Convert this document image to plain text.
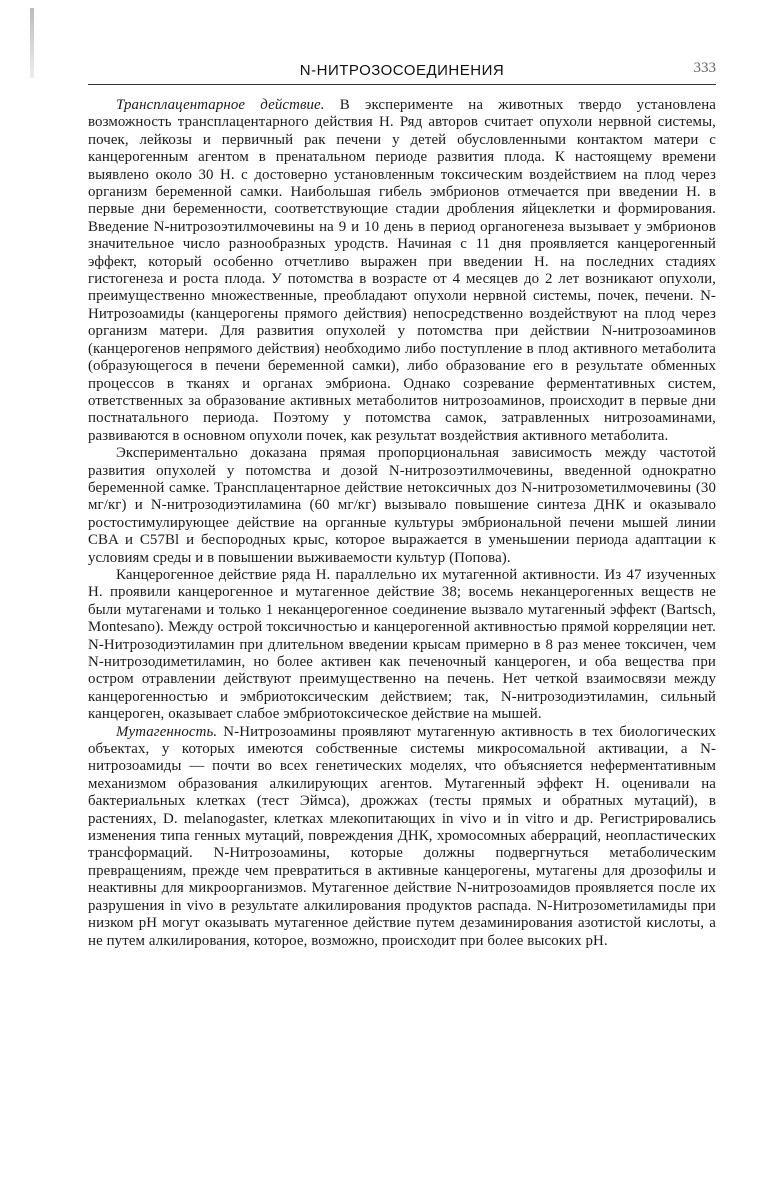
N-НИТРОЗОСОЕДИНЕНИЯ	333

Трансплацентарное действие. В эксперименте на животных твердо установлена возможность трансплацентарного действия Н. Ряд авторов считает опухоли нервной системы, почек, лейкозы и первичный рак печени у детей обусловленными контактом матери с канцерогенным агентом в пренатальном периоде развития плода. К настоящему времени выявлено около 30 Н. с достоверно установленным токсическим воздействием на плод через организм беременной самки. Наибольшая гибель эмбрионов отмечается при введении Н. в первые дни беременности, соответствующие стадии дробления яйцеклетки и формирования. Введение N-нитрозоэтилмочевины на 9 и 10 день в период органогенеза вызывает у эмбрионов значительное число разнообразных уродств. Начиная с 11 дня проявляется канцерогенный эффект, который особенно отчетливо выражен при введении Н. на последних стадиях гистогенеза и роста плода. У потомства в возрасте от 4 месяцев до 2 лет возникают опухоли, преимущественно множественные, преобладают опухоли нервной системы, почек, печени. N-Нитрозоамиды (канцерогены прямого действия) непосредственно воздействуют на плод через организм матери. Для развития опухолей у потомства при действии N-нитрозоаминов (канцерогенов непрямого действия) необходимо либо поступление в плод активного метаболита (образующегося в печени беременной самки), либо образование его в результате обменных процессов в тканях и органах эмбриона. Однако созревание ферментативных систем, ответственных за образование активных метаболитов нитрозоаминов, происходит в первые дни постнатального периода. Поэтому у потомства самок, затравленных нитрозоаминами, развиваются в основном опухоли почек, как результат воздействия активного метаболита.

Экспериментально доказана прямая пропорциональная зависимость между частотой развития опухолей у потомства и дозой N-нитрозоэтилмочевины, введенной однократно беременной самке. Трансплацентарное действие нетоксичных доз N-нитрозометилмочевины (30 мг/кг) и N-нитрозодиэтиламина (60 мг/кг) вызывало повышение синтеза ДНК и оказывало ростостимулирующее действие на органные культуры эмбриональной печени мышей линии CBA и C57Bl и беспородных крыс, которое выражается в уменьшении периода адаптации к условиям среды и в повышении выживаемости культур (Попова).

Канцерогенное действие ряда Н. параллельно их мутагенной активности. Из 47 изученных Н. проявили канцерогенное и мутагенное действие 38; восемь неканцерогенных веществ не были мутагенами и только 1 неканцерогенное соединение вызвало мутагенный эффект (Bartsch, Montesano). Между острой токсичностью и канцерогенной активностью прямой корреляции нет. N-Нитрозодиэтиламин при длительном введении крысам примерно в 8 раз менее токсичен, чем N-нитрозодиметиламин, но более активен как печеночный канцероген, и оба вещества при остром отравлении действуют преимущественно на печень. Нет четкой взаимосвязи между канцерогенностью и эмбриотоксическим действием; так, N-нитрозодиэтиламин, сильный канцероген, оказывает слабое эмбриотоксическое действие на мышей.

Мутагенность. N-Нитрозоамины проявляют мутагенную активность в тех биологических объектах, у которых имеются собственные системы микросомальной активации, а N-нитрозоамиды — почти во всех генетических моделях, что объясняется неферментативным механизмом образования алкилирующих агентов. Мутагенный эффект Н. оценивали на бактериальных клетках (тест Эймса), дрожжах (тесты прямых и обратных мутаций), в растениях, D. melanogaster, клетках млекопитающих in vivo и in vitro и др. Регистрировались изменения типа генных мутаций, повреждения ДНК, хромосомных аберраций, неопластических трансформаций. N-Нитрозоамины, которые должны подвергнуться метаболическим превращениям, прежде чем превратиться в активные канцерогены, мутагены для дрозофилы и неактивны для микроорганизмов. Мутагенное действие N-нитрозоамидов проявляется после их разрушения in vivo в результате алкилирования продуктов распада. N-Нитрозометиламиды при низком pH могут оказывать мутагенное действие путем дезаминирования азотистой кислоты, а не путем алкилирования, которое, возможно, происходит при более высоких pH.
